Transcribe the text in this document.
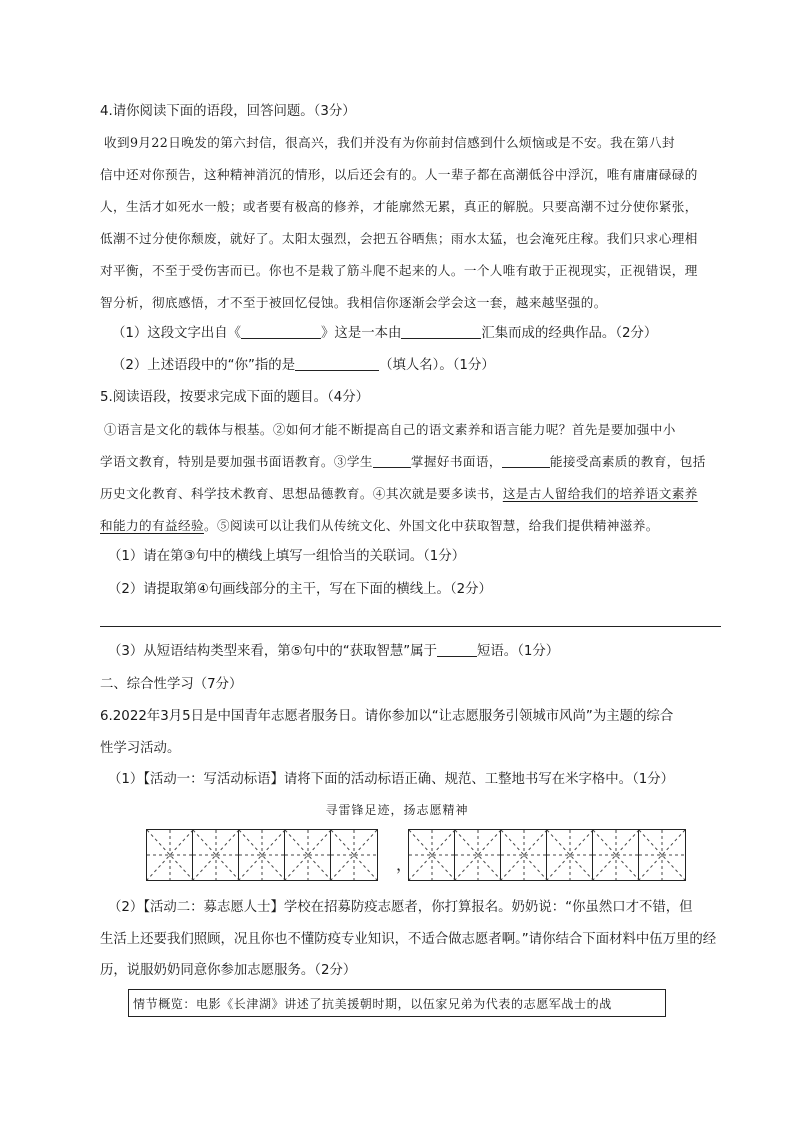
4.请你阅读下面的语段，回答问题。（3分）
收到9月22日晚发的第六封信，很高兴，我们并没有为你前封信感到什么烦恼或是不安。我在第八封
信中还对你预告，这种精神消沉的情形，以后还会有的。人一辈子都在高潮低谷中浮沉，唯有庸庸碌碌的
人，生活才如死水一般；或者要有极高的修养，才能廓然无累，真正的解脱。只要高潮不过分使你紧张，
低潮不过分使你颓废，就好了。太阳太强烈，会把五谷晒焦；雨水太猛，也会淹死庄稼。我们只求心理相
对平衡，不至于受伤害而已。你也不是栽了筋斗爬不起来的人。一个人唯有敢于正视现实，正视错误，理
智分析，彻底感悟，才不至于被回忆侵蚀。我相信你逐渐会学会这一套，越来越坚强的。
（1）这段文字出自《	》这是一本由	汇集而成的经典作品。（2分）
（2）上述语段中的“你”指的是	（填人名）。（1分）
5.阅读语段，按要求完成下面的题目。（4分）
①语言是文化的载体与根基。②如何才能不断提高自己的语文素养和语言能力呢？首先是要加强中小
学语文教育，特别是要加强书面语教育。③学生	掌握好书面语，	能接受高素质的教育，包括
历史文化教育、科学技术教育、思想品德教育。④其次就是要多读书，这是古人留给我们的培养语文素养
和能力的有益经验。⑤阅读可以让我们从传统文化、外国文化中获取智慧，给我们提供精神滋养。
（1）请在第③句中的横线上填写一组恰当的关联词。（1分）
（2）请提取第④句画线部分的主干，写在下面的横线上。（2分）
（3）从短语结构类型来看，第⑤句中的“获取智慧”属于	短语。（1分）
二、综合性学习（7分）
6.2022年3月5日是中国青年志愿者服务日。请你参加以“让志愿服务引领城市风尚”为主题的综合
性学习活动。
（1）【活动一：写活动标语】请将下面的活动标语正确、规范、工整地书写在米字格中。（1分）
寻雷锋足迹，扬志愿精神
，
（2）【活动二：募志愿人士】学校在招募防疫志愿者，你打算报名。奶奶说：“你虽然口才不错，但
生活上还要我们照顾，况且你也不懂防疫专业知识，不适合做志愿者啊。”请你结合下面材料中伍万里的经
历，说服奶奶同意你参加志愿服务。（2分）
情节概览：电影《长津湖》讲述了抗美援朝时期，以伍家兄弟为代表的志愿军战士的战
